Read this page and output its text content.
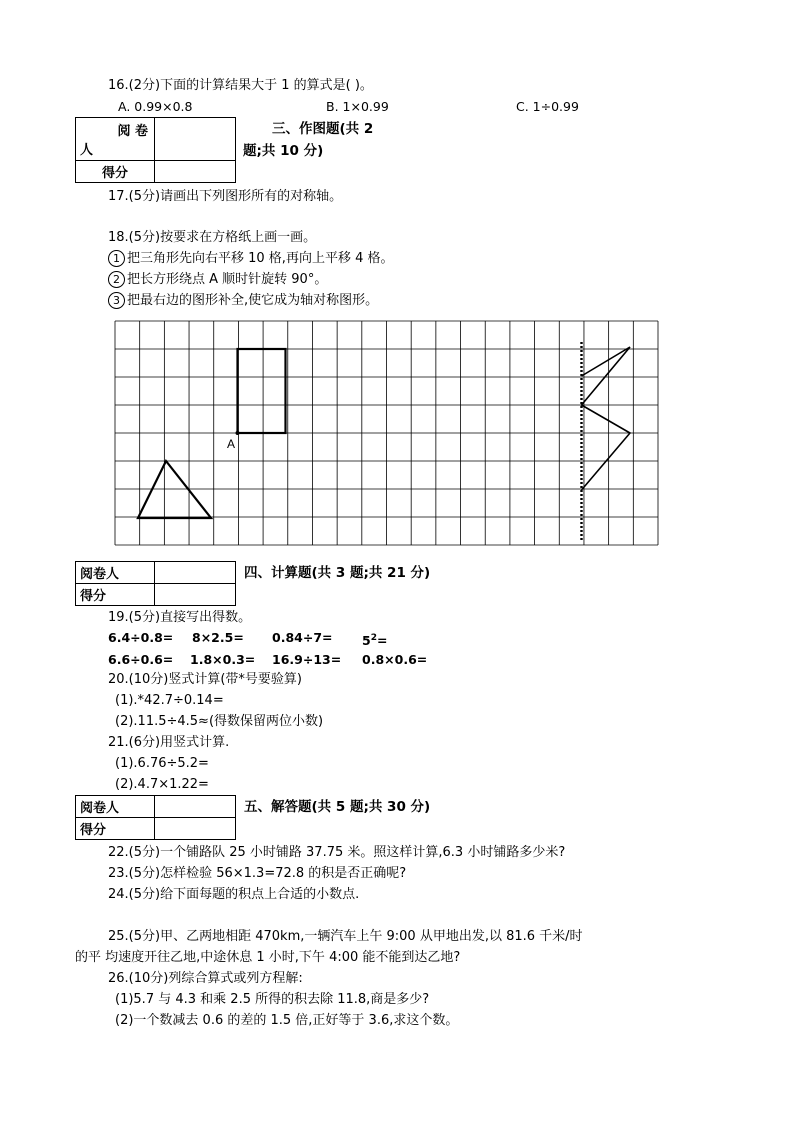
16.(2分)下面的计算结果大于 1 的算式是( )。
A. 0.99×0.8	B. 1×0.99	C. 1÷0.99
阅 卷
人	

得分	
三、作图题(共 2
题;共 10 分)
17.(5分)请画出下列图形所有的对称轴。
18.(5分)按要求在方格纸上画一画。
1 把三角形先向右平移 10 格,再向上平移 4 格。
2 把长方形绕点 A 顺时针旋转 90°。
3 把最右边的图形补全,使它成为轴对称图形。
A
阅卷人	
得分	
四、计算题(共 3 题;共 21 分)
19.(5分)直接写出得数。
$6.4\div 0.8= 8\times 2.5= 0.84\div 7= 5^2=$
6.6÷0.6= 1.8×0.3= 16.9÷13= 0.8×0.6=
20.(10分)竖式计算(带*号要验算)
(1).*42.7÷0.14=
(2).11.5÷4.5≈(得数保留两位小数)
21.(6分)用竖式计算.
(1).6.76÷5.2=
(2).4.7×1.22=
阅卷人	
得分	
五、解答题(共 5 题;共 30 分)
22.(5分)一个铺路队 25 小时铺路 37.75 米。照这样计算,6.3 小时铺路多少米?
23.(5分)怎样检验 56×1.3=72.8 的积是否正确呢?
24.(5分)给下面每题的积点上合适的小数点.
25.(5分)甲、乙两地相距 470km,一辆汽车上午 9:00 从甲地出发,以 81.6 千米/时
的平 均速度开往乙地,中途休息 1 小时,下午 4:00 能不能到达乙地?
26.(10分)列综合算式或列方程解:
(1)5.7 与 4.3 和乘 2.5 所得的积去除 11.8,商是多少?
(2)一个数减去 0.6 的差的 1.5 倍,正好等于 3.6,求这个数。
